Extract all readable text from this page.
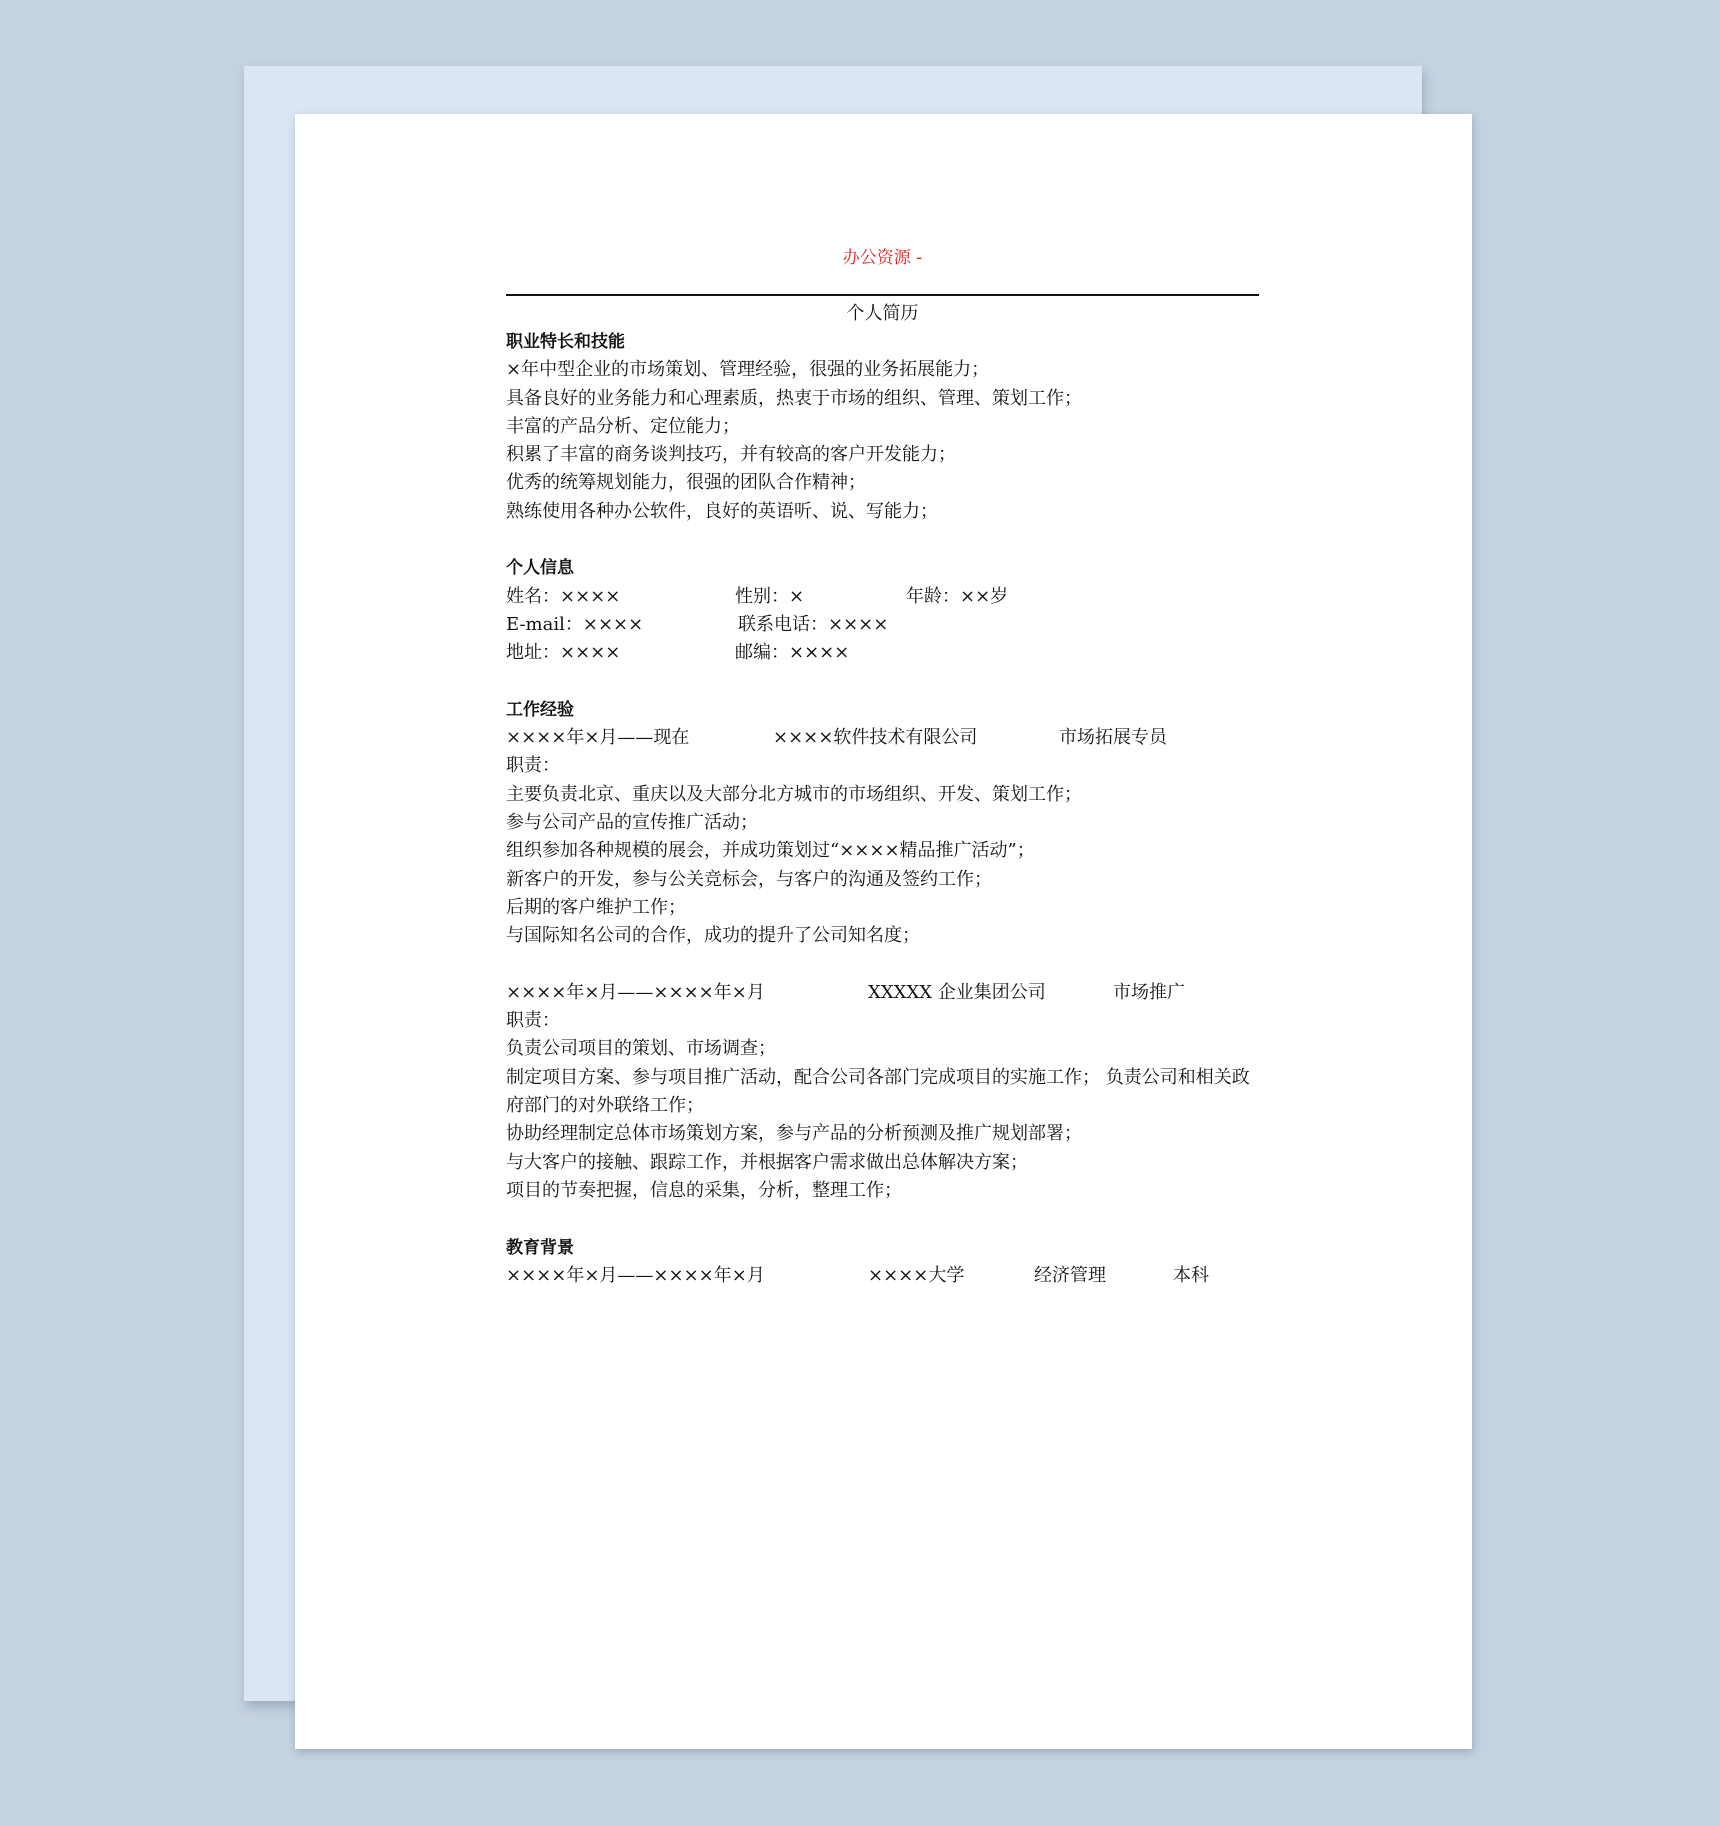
办公资源 -
个人简历
职业特长和技能
×年中型企业的市场策划、管理经验，很强的业务拓展能力；
具备良好的业务能力和心理素质，热衷于市场的组织、管理、策划工作；
丰富的产品分析、定位能力；
积累了丰富的商务谈判技巧，并有较高的客户开发能力；
优秀的统筹规划能力，很强的团队合作精神；
熟练使用各种办公软件，良好的英语听、说、写能力；
个人信息
姓名：××××	性别：×	年龄：××岁
E-mail：××××	联系电话：××××
地址：××××	邮编：××××
工作经验
××××年×月——现在	××××软件技术有限公司	市场拓展专员
职责：
主要负责北京、重庆以及大部分北方城市的市场组织、开发、策划工作；
参与公司产品的宣传推广活动；
组织参加各种规模的展会，并成功策划过“××××精品推广活动”；
新客户的开发，参与公关竞标会，与客户的沟通及签约工作；
后期的客户维护工作；
与国际知名公司的合作，成功的提升了公司知名度；
××××年×月——××××年×月	XXXXX 企业集团公司	市场推广
职责：
负责公司项目的策划、市场调查；
制定项目方案、参与项目推广活动，配合公司各部门完成项目的实施工作； 负责公司和相关政府部门的对外联络工作；
协助经理制定总体市场策划方案，参与产品的分析预测及推广规划部署；
与大客户的接触、跟踪工作，并根据客户需求做出总体解决方案；
项目的节奏把握，信息的采集，分析，整理工作；
教育背景
××××年×月——××××年×月	××××大学	经济管理	本科
